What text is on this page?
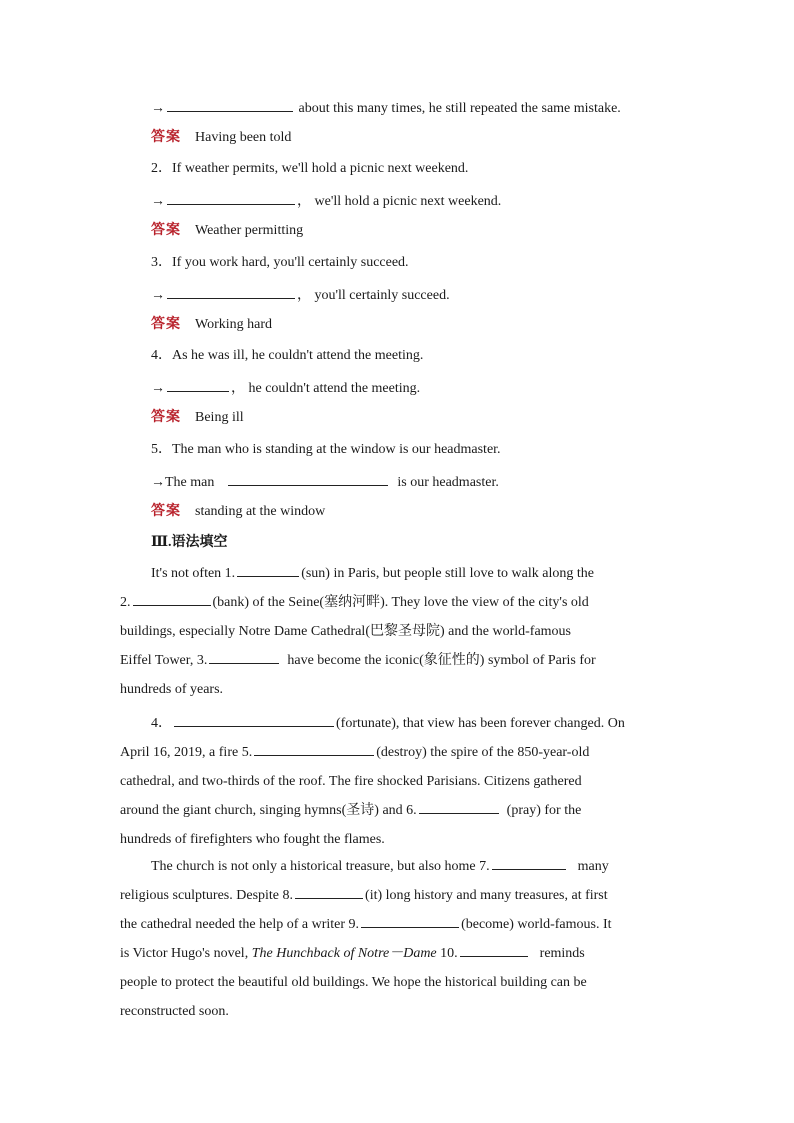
→	about this many times, he still repeated the same mistake.
答案 Having been told
2．If weather permits, we'll hold a picnic next weekend.
→	， we'll hold a picnic next weekend.
答案 Weather permitting
3．If you work hard, you'll certainly succeed.
→	， you'll certainly succeed.
答案 Working hard
4．As he was ill, he couldn't attend the meeting.
→	， he couldn't attend the meeting.
答案 Being ill
5．The man who is standing at the window is our headmaster.
→The man	is our headmaster.
答案 standing at the window
Ⅲ.语法填空
It's not often 1.	(sun) in Paris, but people still love to walk along the
2.	(bank) of the Seine(塞纳河畔). They love the view of the city's old
buildings, especially Notre Dame Cathedral(巴黎圣母院) and the world-famous
Eiffel Tower, 3.	have become the iconic(象征性的) symbol of Paris for
hundreds of years.
4．	(fortunate), that view has been forever changed. On
April 16, 2019, a fire 5.	(destroy) the spire of the 850-year-old
cathedral, and two-thirds of the roof. The fire shocked Parisians. Citizens gathered
around the giant church, singing hymns(圣诗) and 6.	(pray) for the
hundreds of firefighters who fought the flames.
The church is not only a historical treasure, but also home 7.	many
religious sculptures. Despite 8.	(it) long history and many treasures, at first
the cathedral needed the help of a writer 9.	(become) world-famous. It
is Victor Hugo's novel, The Hunchback of Notre－Dame 10.	reminds
people to protect the beautiful old buildings. We hope the historical building can be
reconstructed soon.
